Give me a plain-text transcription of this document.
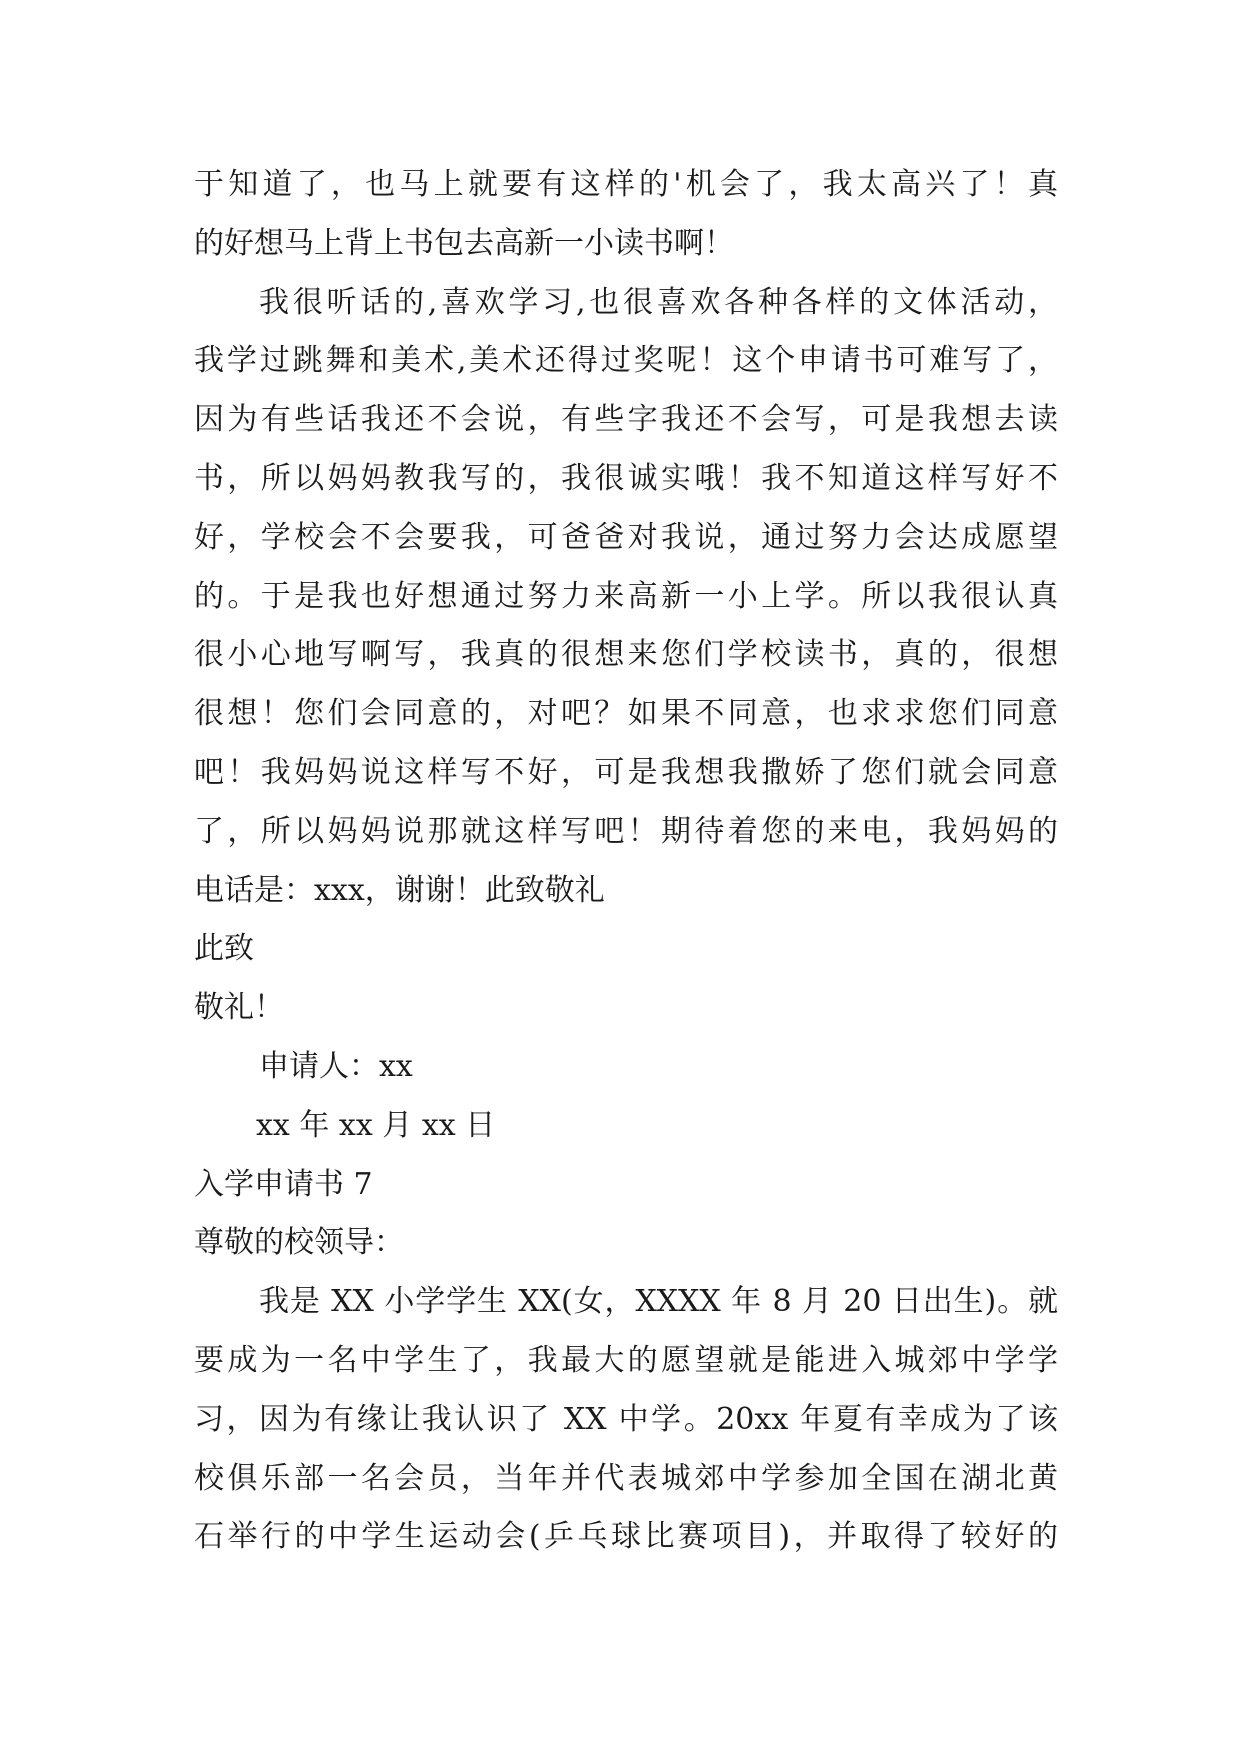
于知道了，也马上就要有这样的'机会了，我太高兴了！真
的好想马上背上书包去高新一小读书啊！
我很听话的,喜欢学习,也很喜欢各种各样的文体活动，
我学过跳舞和美术,美术还得过奖呢！这个申请书可难写了，
因为有些话我还不会说，有些字我还不会写，可是我想去读
书，所以妈妈教我写的，我很诚实哦！我不知道这样写好不
好，学校会不会要我，可爸爸对我说，通过努力会达成愿望
的。于是我也好想通过努力来高新一小上学。所以我很认真
很小心地写啊写，我真的很想来您们学校读书，真的，很想
很想！您们会同意的，对吧？如果不同意，也求求您们同意
吧！我妈妈说这样写不好，可是我想我撒娇了您们就会同意
了，所以妈妈说那就这样写吧！期待着您的来电，我妈妈的
电话是：xxx，谢谢！此致敬礼
此致
敬礼！
申请人：xx
xx 年 xx 月 xx 日
入学申请书 7
尊敬的校领导：
我是 XX 小学学生 XX(女，XXXX 年 8 月 20 日出生)。就
要成为一名中学生了，我最大的愿望就是能进入城郊中学学
习，因为有缘让我认识了 XX 中学。20xx 年夏有幸成为了该
校俱乐部一名会员，当年并代表城郊中学参加全国在湖北黄
石举行的中学生运动会(乒乓球比赛项目)，并取得了较好的
